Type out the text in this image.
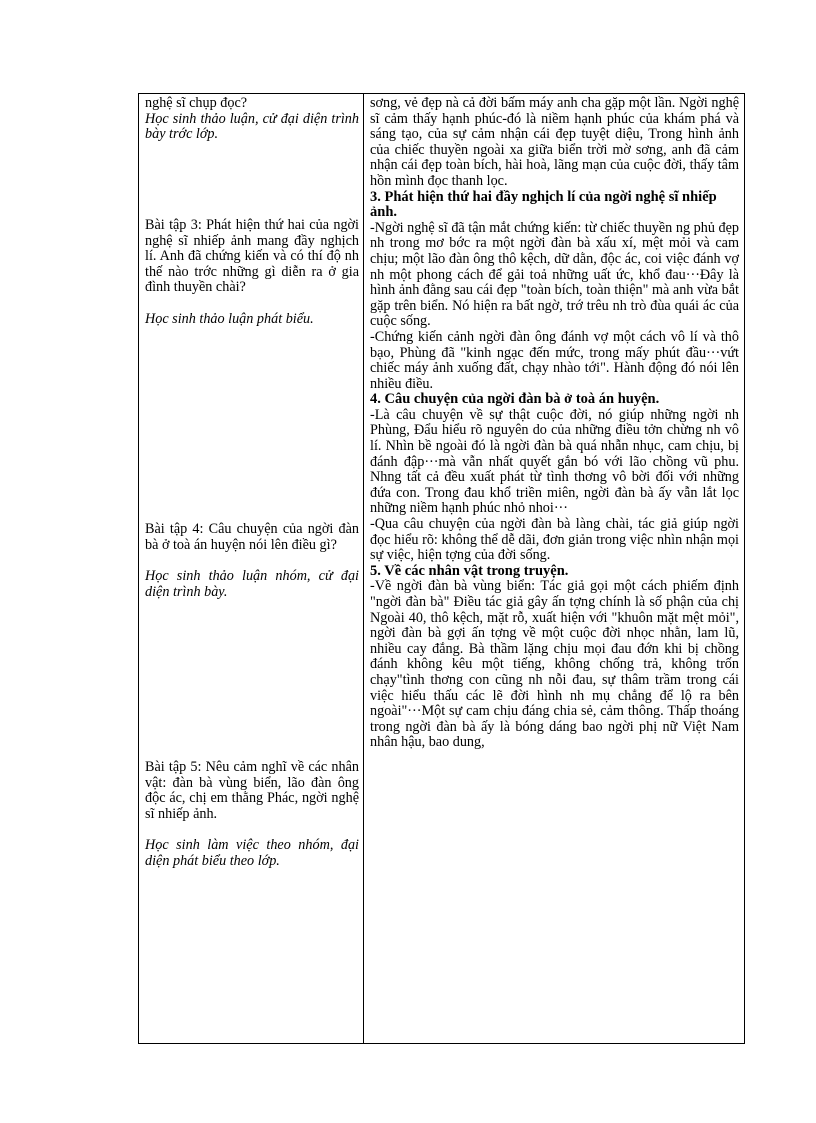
nghệ sĩ chụp đọc?

Học sinh thảo luận, cử đại diện trình bày trớc lớp.

Bài tập 3: Phát hiện thứ hai của ngời nghệ sĩ nhiếp ảnh mang đầy nghịch lí. Anh đã chứng kiến và có thí độ nh thế nào trớc những gì diễn ra ở gia đình thuyền chài?

Học sinh thảo luận phát biểu.

Bài tập 4: Câu chuyện của ngời đàn bà ở toà án huyện nói lên điều gì?

Học sinh thảo luận nhóm, cử đại diện trình bày.

Bài tập 5: Nêu cảm nghĩ về các nhân vật: đàn bà vùng biển, lão đàn ông độc ác, chị em thằng Phác, ngời nghệ sĩ nhiếp ảnh.

Học sinh làm việc theo nhóm, đại diện phát biểu theo lớp.

sơng, vẻ đẹp nà cả đời bấm máy anh cha gặp một lần. Ngời nghệ sĩ cảm thấy hạnh phúc-đó là niềm hạnh phúc của khám phá và sáng tạo, của sự cảm nhận cái đẹp tuyệt diệu, Trong hình ảnh của chiếc thuyền ngoài xa giữa biển trời mờ sơng, anh đã cảm nhận cái đẹp toàn bích, hài hoà, lãng mạn của cuộc đời, thấy tâm hồn mình đọc thanh lọc.

3. Phát hiện thứ hai đầy nghịch lí của ngời nghệ sĩ nhiếp ảnh.

-Ngời nghệ sĩ đã tận mắt chứng kiến: từ chiếc thuyền ng phủ đẹp nh trong mơ bớc ra một ngời đàn bà xấu xí, mệt mỏi và cam chịu; một lão đàn ông thô kệch, dữ dằn, độc ác, coi việc đánh vợ nh một phong cách để gải toả những uất ức, khổ đau···Đây là hình ảnh đằng sau cái đẹp "toàn bích, toàn thiện" mà anh vừa bắt gặp trên biển. Nó hiện ra bất ngờ, trớ trêu nh trò đùa quái ác của cuộc sống.

-Chứng kiến cảnh ngời đàn ông đánh vợ một cách vô lí và thô bạo, Phùng đã "kinh ngạc đến mức, trong mấy phút đầu···vứt chiếc máy ảnh xuống đất, chạy nhào tới". Hành động đó nói lên nhiều điều.

4. Câu chuyện của ngời đàn bà ở toà án huyện.

-Là câu chuyện về sự thật cuộc đời, nó giúp những ngời nh Phùng, Đẩu hiểu rõ nguyên do của những điều tởn chừng nh vô lí. Nhìn bề ngoài đó là ngời đàn bà quá nhẫn nhục, cam chịu, bị đánh đập···mà vẫn nhất quyết gắn bó với lão chồng vũ phu. Nhng tất cả đều xuất phát từ tình thơng vô bời đối với những đứa con. Trong đau khổ triền miên, ngời đàn bà ấy vẫn lắt lọc những niềm hạnh phúc nhỏ nhoi···

-Qua câu chuyện của ngời đàn bà làng chài, tác giả giúp ngời đọc hiểu rõ: không thể dễ dãi, đơn giản trong việc nhìn nhận mọi sự việc, hiện tợng của đời sống.

5. Về các nhân vật trong truyện.

-Về ngời đàn bà vùng biển: Tác giả gọi một cách phiếm định "ngời đàn bà" Điều tác giả gây ấn tợng chính là số phận của chị Ngoài 40, thô kệch, mặt rỗ, xuất hiện với "khuôn mặt mệt mỏi", ngời đàn bà gợi ấn tợng về một cuộc đời nhọc nhằn, lam lũ, nhiều cay đắng. Bà thầm lặng chịu mọi đau đớn khi bị chồng đánh không kêu một tiếng, không chống trả, không trốn chạy"tình thơng con cũng nh nỗi đau, sự thâm trầm trong cái việc hiểu thấu các lẽ đời hình nh mụ chẳng để lộ ra bên ngoài"···Một sự cam chịu đáng chia sẻ, cảm thông. Thấp thoáng trong ngời đàn bà ấy là bóng dáng bao ngời phị nữ Việt Nam nhân hậu, bao dung,
